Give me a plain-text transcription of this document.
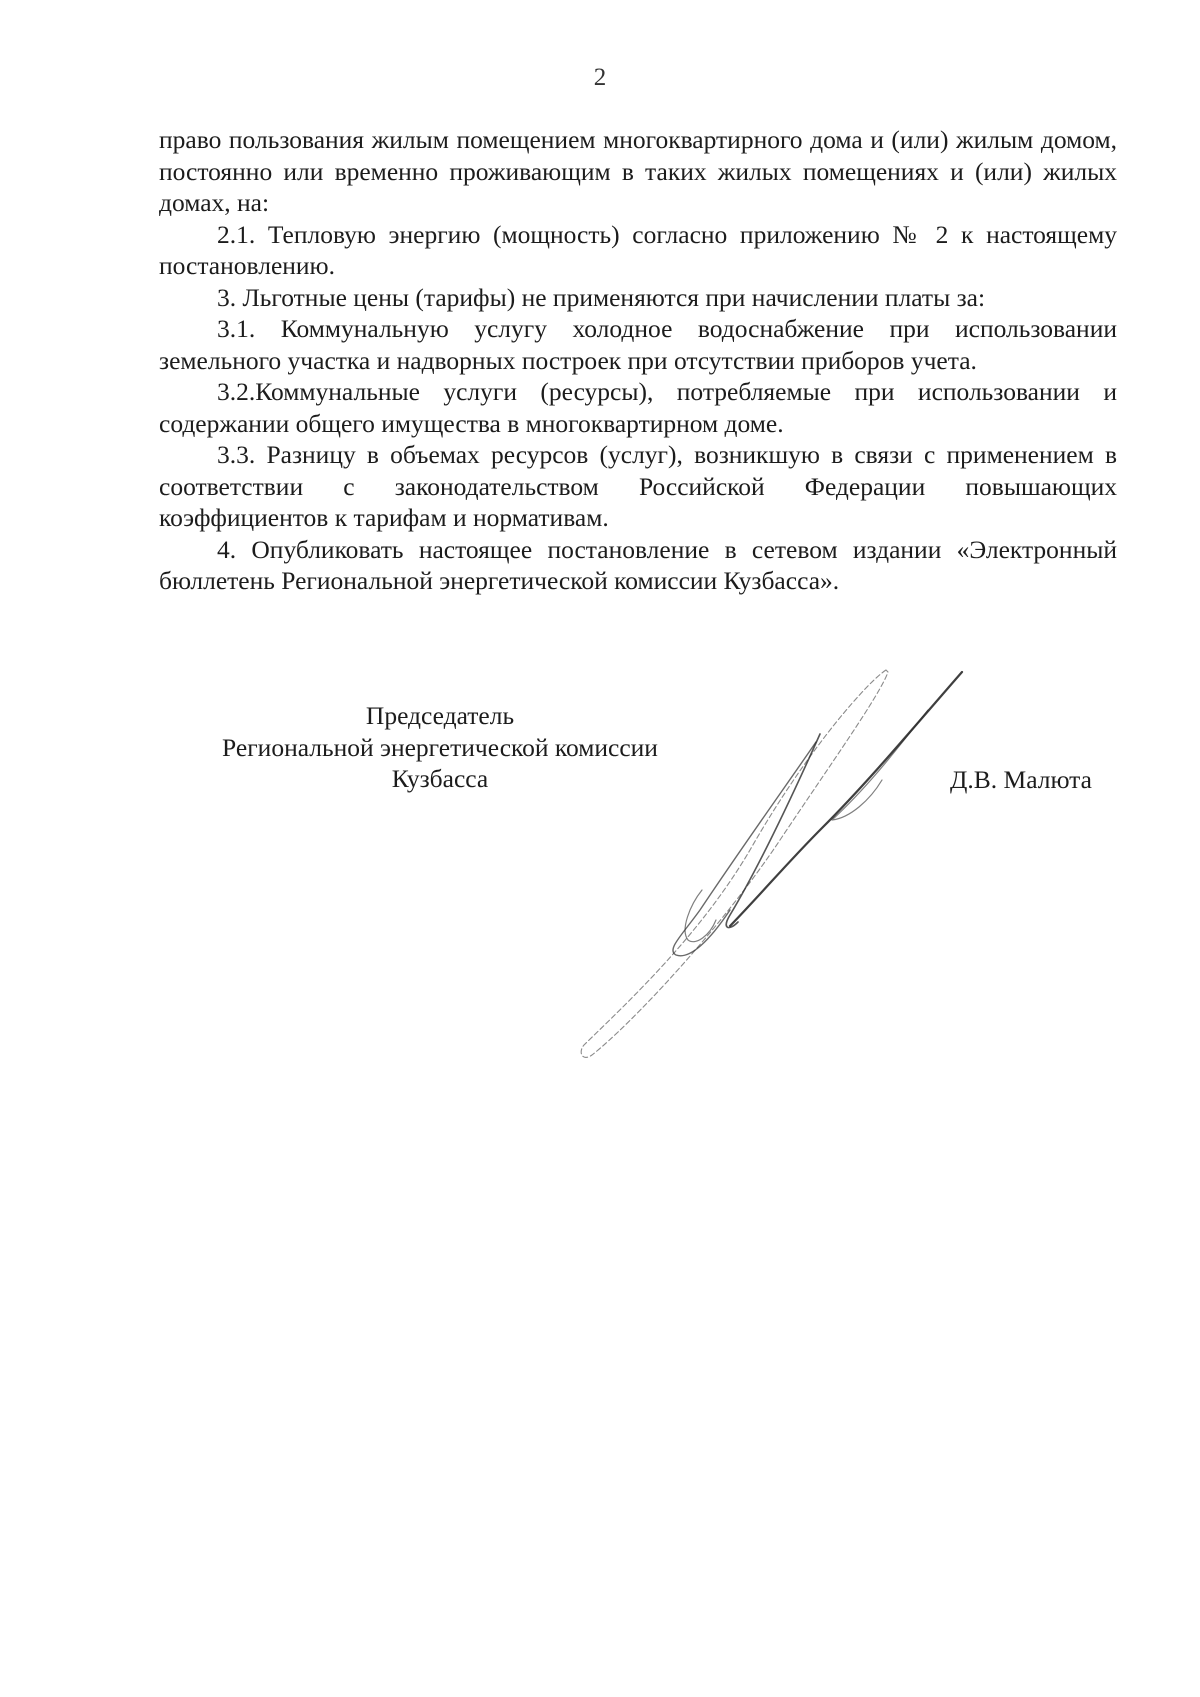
2

право пользования жилым помещением многоквартирного дома и (или) жилым домом, постоянно или временно проживающим в таких жилых помещениях и (или) жилых домах, на:

2.1. Тепловую энергию (мощность) согласно приложению № 2 к настоящему постановлению.

3. Льготные цены (тарифы) не применяются при начислении платы за:

3.1. Коммунальную услугу холодное водоснабжение при использовании земельного участка и надворных построек при отсутствии приборов учета.

3.2.Коммунальные услуги (ресурсы), потребляемые при использовании и содержании общего имущества в многоквартирном доме.

3.3. Разницу в объемах ресурсов (услуг), возникшую в связи с применением в соответствии с законодательством Российской Федерации повышающих коэффициентов к тарифам и нормативам.

4. Опубликовать настоящее постановление в сетевом издании «Электронный бюллетень Региональной энергетической комиссии Кузбасса».

Председатель
Региональной энергетической комиссии
Кузбасса	Д.В. Малюта
